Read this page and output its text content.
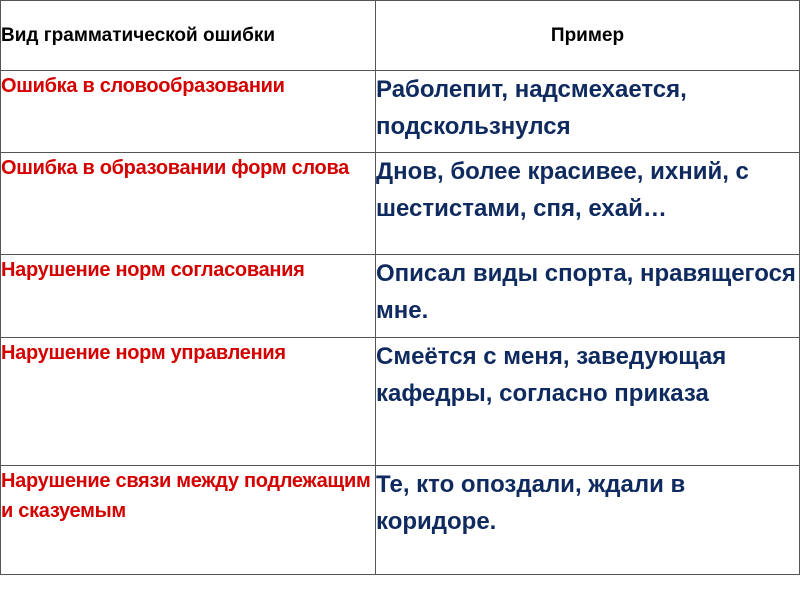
Вид грамматической ошибки	Пример
Ошибка в словообразовании	Раболепит, надсмехается, подскользнулся
Ошибка в образовании форм слова	Днов, более красивее, ихний, с шестистами, спя, ехай…
Нарушение норм согласования	Описал виды спорта, нравящегося мне.
Нарушение норм управления	Смеётся с меня, заведующая кафедры, согласно приказа
Нарушение связи между подлежащим и сказуемым	Те, кто опоздали, ждали в коридоре.
